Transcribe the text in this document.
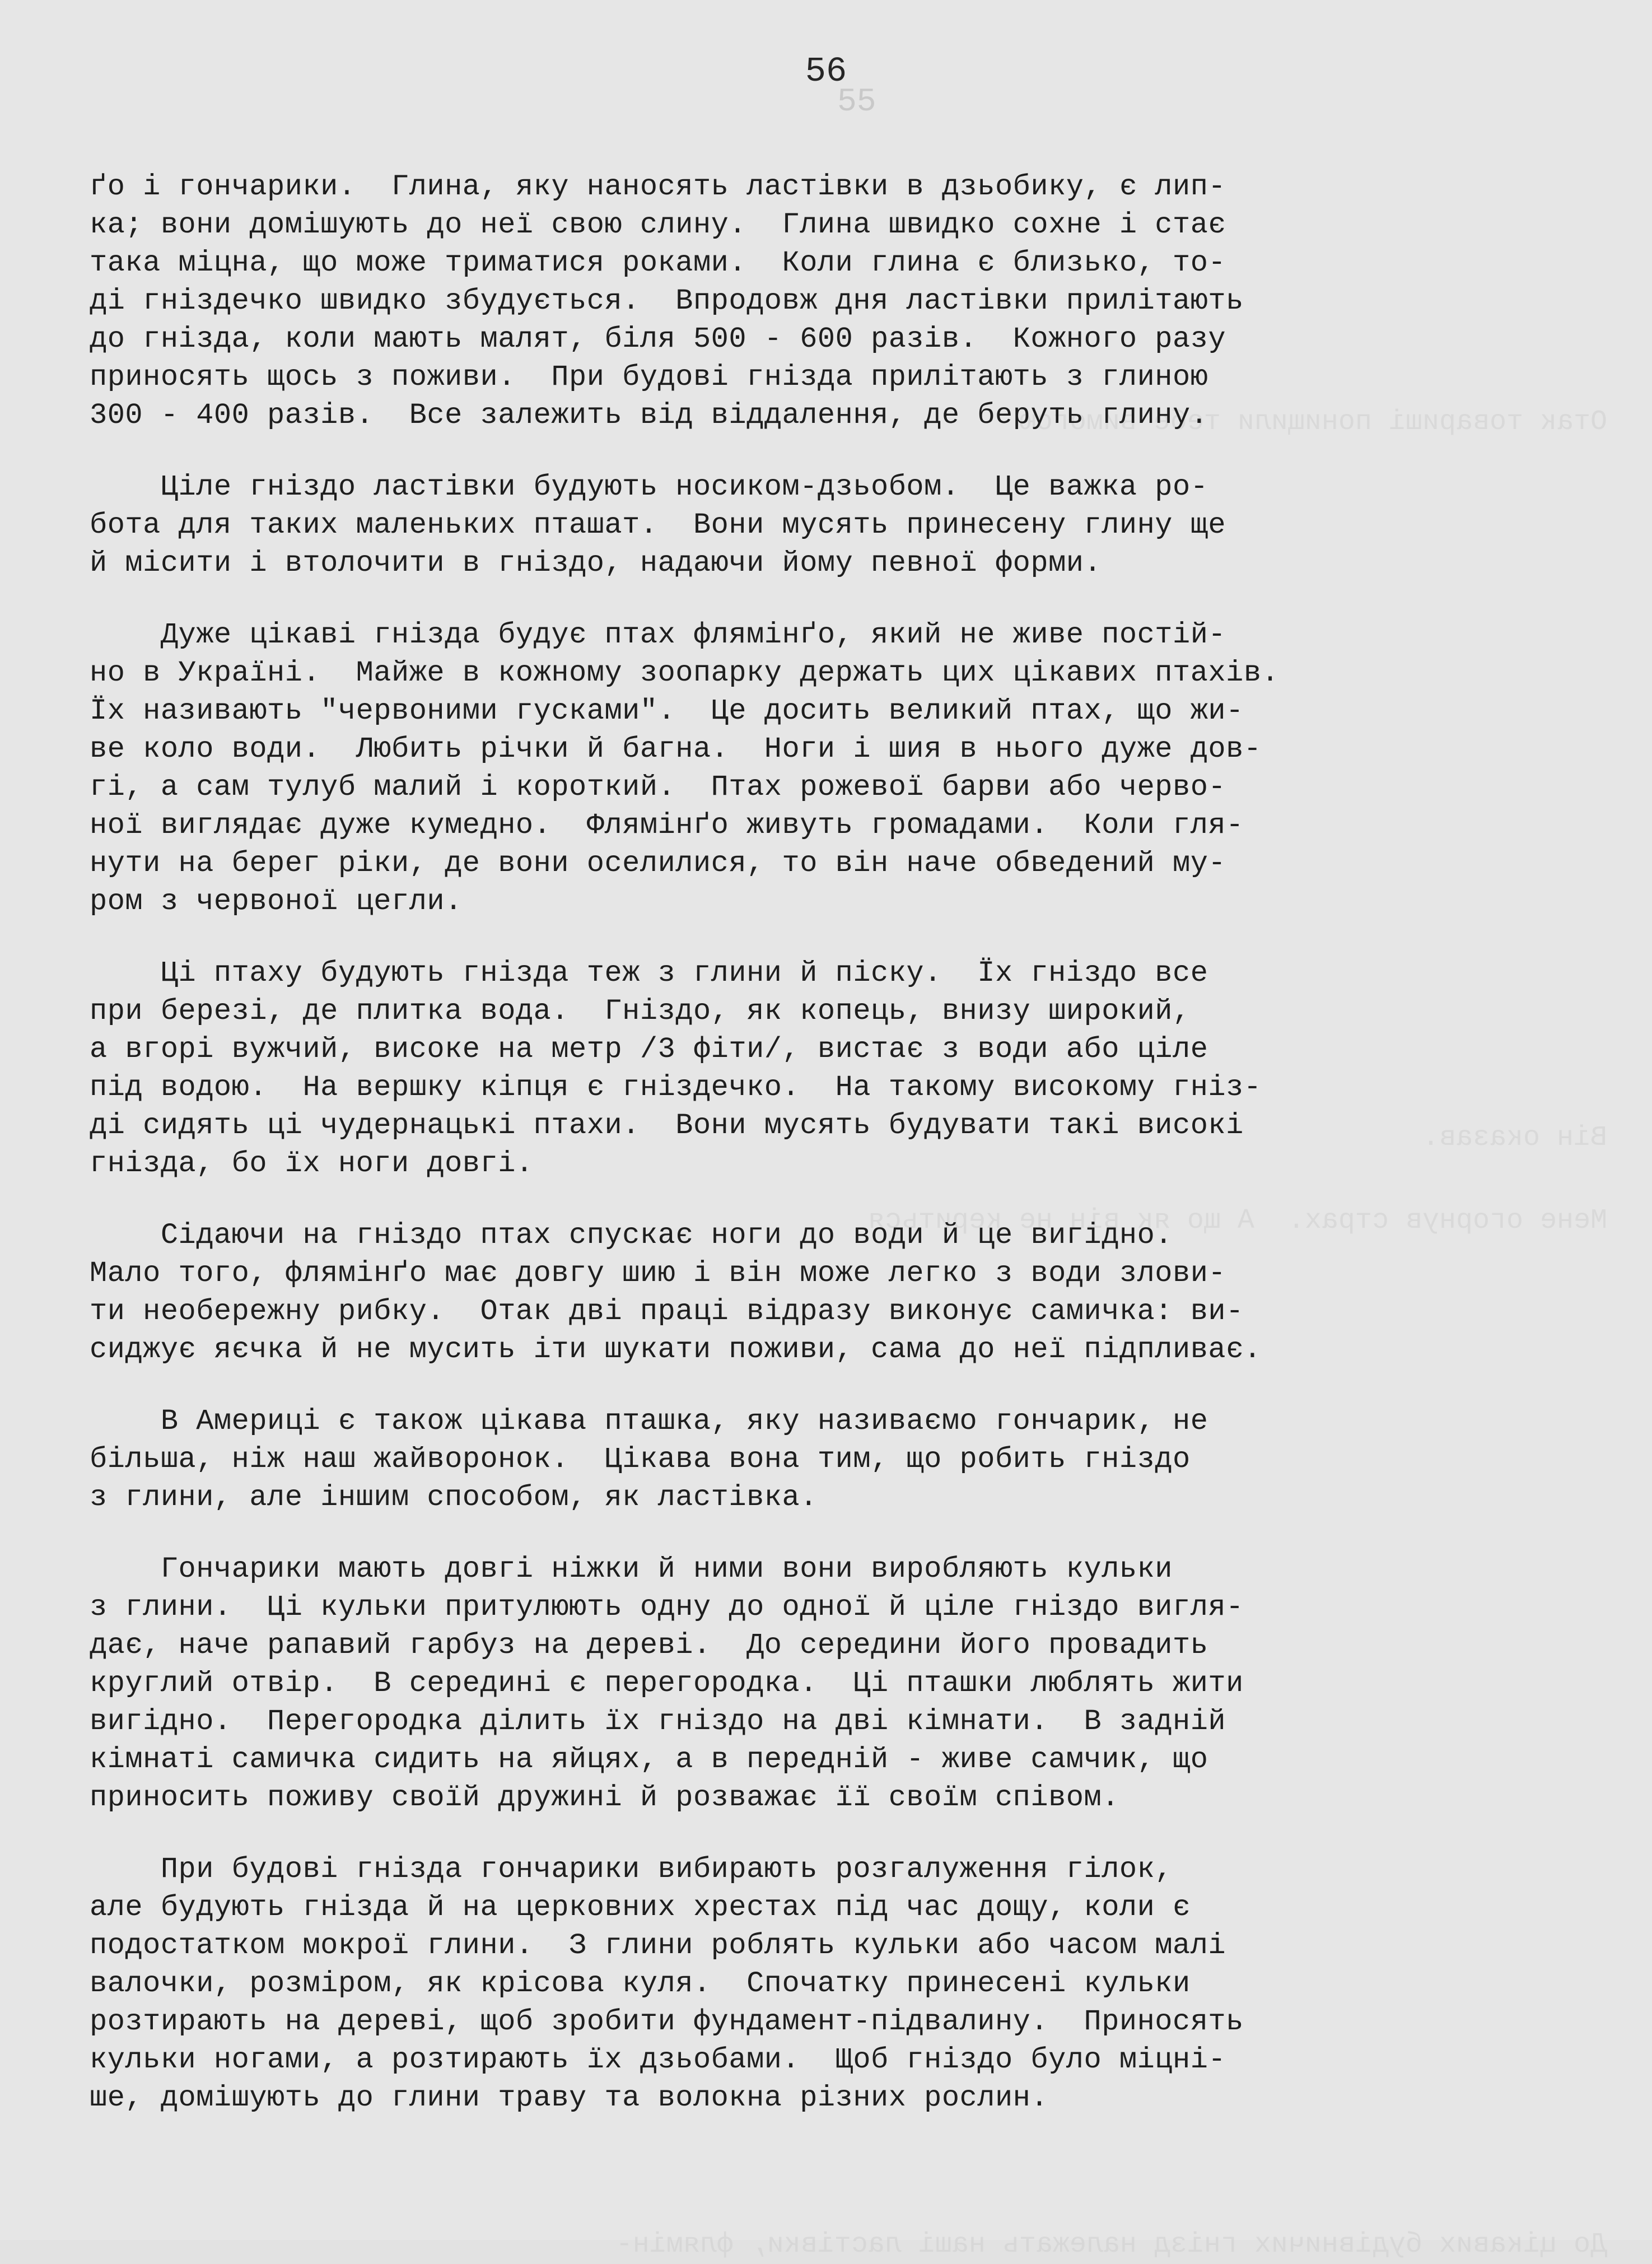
55
Отак товариші понищили тебе вимогою
Він оказав.
Мене огорнув страх.  А що як він не кериться
До цікавих будівничих гнізд належать наші ластівки, флямін-
56
ґо і гончарики.  Глина, яку наносять ластівки в дзьобику, є лип-
ка; вони домішують до неї свою слину.  Глина швидко сохне і стає
така міцна, що може триматися роками.  Коли глина є близько, то-
ді гніздечко швидко збудується.  Впродовж дня ластівки прилітають
до гнізда, коли мають малят, біля 500 - 600 разів.  Кожного разу
приносять щось з поживи.  При будові гнізда прилітають з глиною
300 - 400 разів.  Все залежить від віддалення, де беруть глину.
Ціле гніздо ластівки будують носиком-дзьобом.  Це важка ро-
бота для таких маленьких пташат.  Вони мусять принесену глину ще
й місити і втолочити в гніздо, надаючи йому певної форми.
Дуже цікаві гнізда будує птах флямінґо, який не живе постій-
но в Україні.  Майже в кожному зоопарку держать цих цікавих птахів.
Їх називають "червоними гусками".  Це досить великий птах, що жи-
ве коло води.  Любить річки й багна.  Ноги і шия в нього дуже дов-
гі, а сам тулуб малий і короткий.  Птах рожевої барви або черво-
ної виглядає дуже кумедно.  Флямінґо живуть громадами.  Коли гля-
нути на берег ріки, де вони оселилися, то він наче обведений му-
ром з червоної цегли.
Ці птаху будують гнізда теж з глини й піску.  Їх гніздо все
при березі, де плитка вода.  Гніздо, як копець, внизу широкий,
а вгорі вужчий, високе на метр /3 фіти/, вистає з води або ціле
під водою.  На вершку кіпця є гніздечко.  На такому високому гніз-
ді сидять ці чудернацькі птахи.  Вони мусять будувати такі високі
гнізда, бо їх ноги довгі.
Сідаючи на гніздо птах спускає ноги до води й це вигідно.
Мало того, флямінґо має довгу шию і він може легко з води злови-
ти необережну рибку.  Отак дві праці відразу виконує самичка: ви-
сиджує яєчка й не мусить іти шукати поживи, сама до неї підпливає.
В Америці є також цікава пташка, яку називаємо гончарик, не
більша, ніж наш жайворонок.  Цікава вона тим, що робить гніздо
з глини, але іншим способом, як ластівка.
Гончарики мають довгі ніжки й ними вони виробляють кульки
з глини.  Ці кульки притулюють одну до одної й ціле гніздо вигля-
дає, наче рапавий гарбуз на дереві.  До середини його провадить
круглий отвір.  В середині є перегородка.  Ці пташки люблять жити
вигідно.  Перегородка ділить їх гніздо на дві кімнати.  В задній
кімнаті самичка сидить на яйцях, а в передній - живе самчик, що
приносить поживу своїй дружині й розважає її своїм співом.
При будові гнізда гончарики вибирають розгалуження гілок,
але будують гнізда й на церковних хрестах під час дощу, коли є
подостатком мокрої глини.  З глини роблять кульки або часом малі
валочки, розміром, як крісова куля.  Спочатку принесені кульки
розтирають на дереві, щоб зробити фундамент-підвалину.  Приносять
кульки ногами, а розтирають їх дзьобами.  Щоб гніздо було міцні-
ше, домішують до глини траву та волокна різних рослин.
